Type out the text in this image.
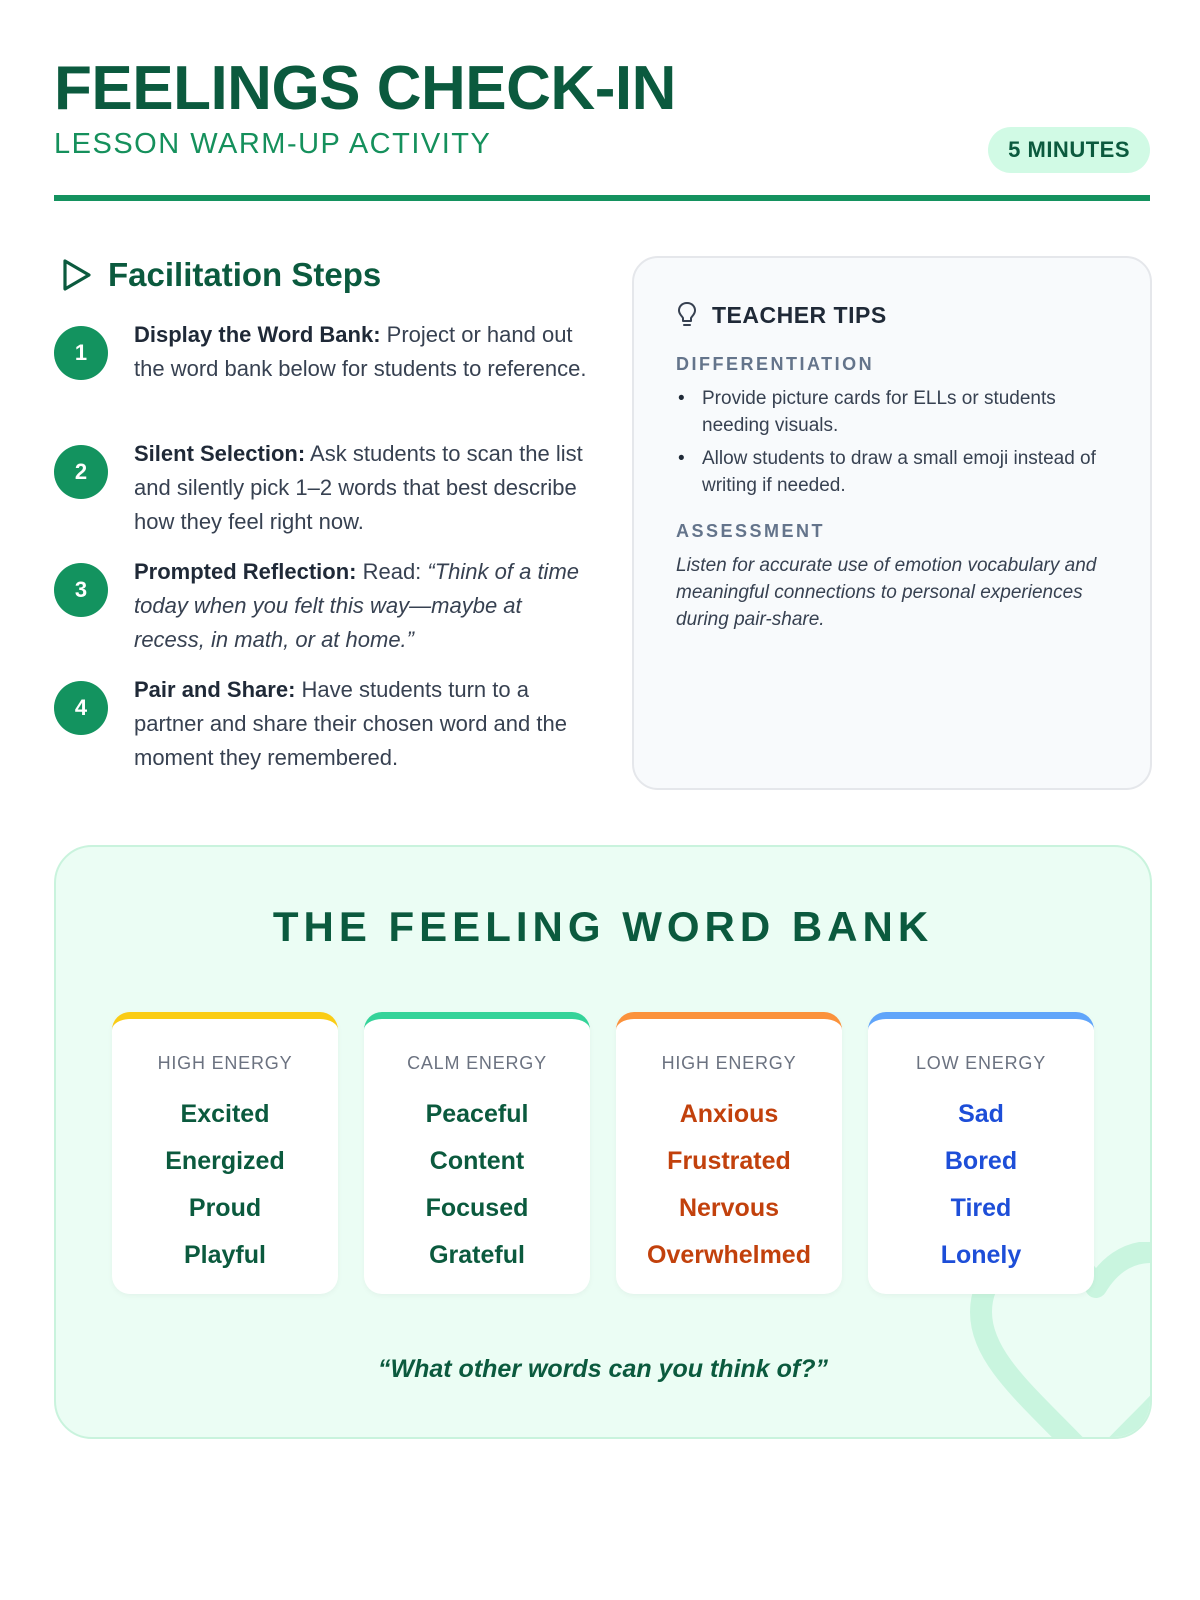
FEELINGS CHECK-IN
LESSON WARM-UP ACTIVITY	5 MINUTES
Facilitation Steps
1
Display the Word Bank: Project or hand out the word bank below for students to reference.
2
Silent Selection: Ask students to scan the list and silently pick 1–2 words that best describe how they feel right now.
3
Prompted Reflection: Read: “Think of a time today when you felt this way—maybe at recess, in math, or at home.”
4
Pair and Share: Have students turn to a partner and share their chosen word and the moment they remembered.
TEACHER TIPS
DIFFERENTIATION
• Provide picture cards for ELLs or students needing visuals.
• Allow students to draw a small emoji instead of writing if needed.
ASSESSMENT
Listen for accurate use of emotion vocabulary and meaningful connections to personal experiences during pair-share.
THE FEELING WORD BANK
HIGH ENERGY
Excited
Energized
Proud
Playful
CALM ENERGY
Peaceful
Content
Focused
Grateful
HIGH ENERGY
Anxious
Frustrated
Nervous
Overwhelmed
LOW ENERGY
Sad
Bored
Tired
Lonely
“What other words can you think of?”
